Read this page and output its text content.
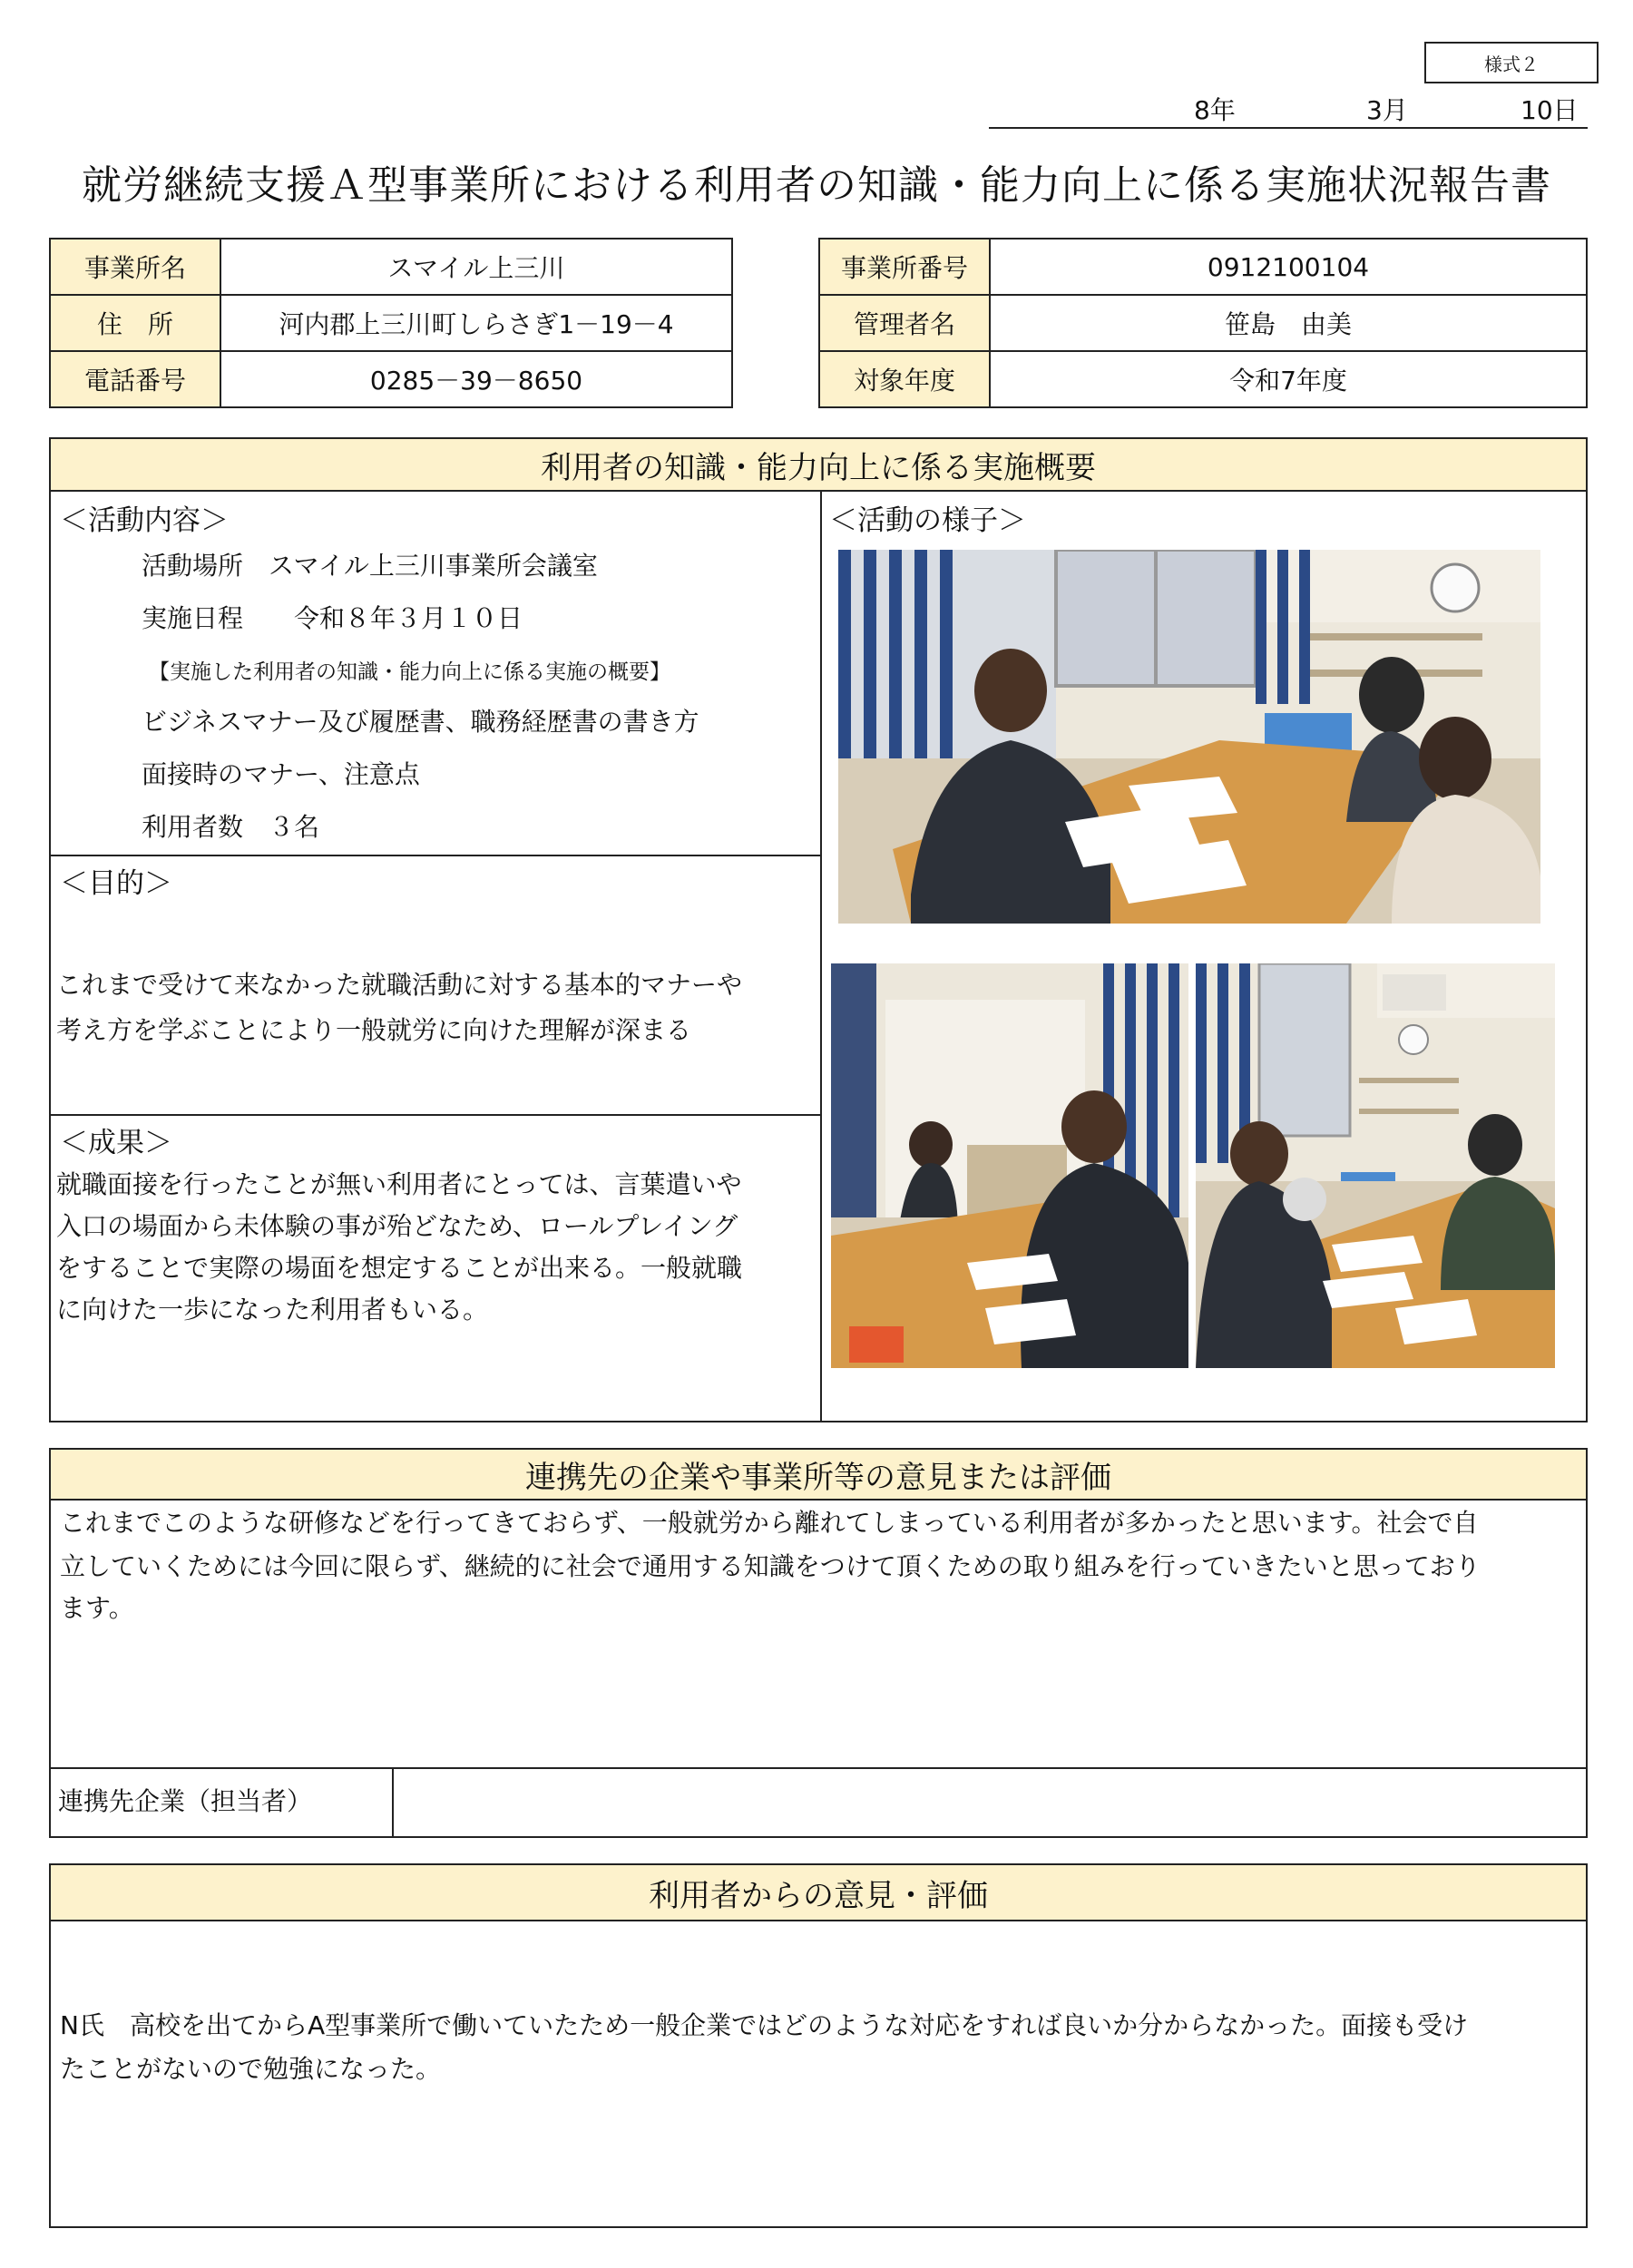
様式２
8年	3月	10日
就労継続支援Ａ型事業所における利用者の知識・能力向上に係る実施状況報告書
事業所名	スマイル上三川
住　所	河内郡上三川町しらさぎ1－19－4
電話番号	0285－39－8650
事業所番号	0912100104
管理者名	笹島　由美
対象年度	令和7年度
利用者の知識・能力向上に係る実施概要
＜活動内容＞
活動場所　スマイル上三川事業所会議室
実施日程　　令和８年３月１０日
【実施した利用者の知識・能力向上に係る実施の概要】
ビジネスマナー及び履歴書、職務経歴書の書き方
面接時のマナー、注意点
利用者数　３名
＜目的＞
これまで受けて来なかった就職活動に対する基本的マナーや
考え方を学ぶことにより一般就労に向けた理解が深まる
＜成果＞
就職面接を行ったことが無い利用者にとっては、言葉遣いや
入口の場面から未体験の事が殆どなため、ロールプレイング
をすることで実際の場面を想定することが出来る。一般就職
に向けた一歩になった利用者もいる。
＜活動の様子＞
連携先の企業や事業所等の意見または評価
これまでこのような研修などを行ってきておらず、一般就労から離れてしまっている利用者が多かったと思います。社会で自
立していくためには今回に限らず、継続的に社会で通用する知識をつけて頂くための取り組みを行っていきたいと思っており
ます。
連携先企業（担当者）
利用者からの意見・評価
N氏　高校を出てからA型事業所で働いていたため一般企業ではどのような対応をすれば良いか分からなかった。面接も受け
たことがないので勉強になった。
